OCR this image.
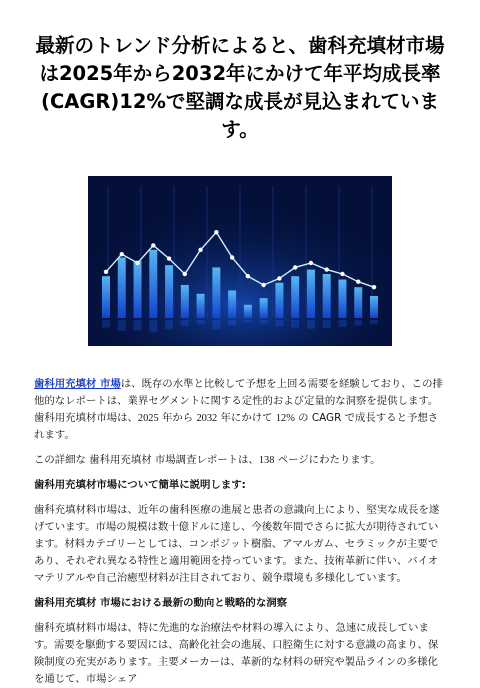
最新のトレンド分析によると、歯科充填材市場
は2025年から2032年にかけて年平均成長率
(CAGR)12%で堅調な成長が見込まれていま
す。

歯科用充填材 市場は、既存の水準と比較して予想を上回る需要を経験しており、この排他的なレポートは、業界セグメントに関する定性的および定量的な洞察を提供します。 歯科用充填材市場は、2025 年から 2032 年にかけて 12% の CAGR で成長すると予想されます。

この詳細な 歯科用充填材 市場調査レポートは、138 ページにわたります。

歯科用充填材市場について簡単に説明します:

歯科充填材料市場は、近年の歯科医療の進展と患者の意識向上により、堅実な成長を遂げています。市場の規模は数十億ドルに達し、今後数年間でさらに拡大が期待されています。材料カテゴリーとしては、コンポジット樹脂、アマルガム、セラミックが主要であり、それぞれ異なる特性と適用範囲を持っています。また、技術革新に伴い、バイオマテリアルや自己治癒型材料が注目されており、競争環境も多様化しています。

歯科用充填材 市場における最新の動向と戦略的な洞察

歯科充填材料市場は、特に先進的な治療法や材料の導入により、急速に成長しています。需要を駆動する要因には、高齢化社会の進展、口腔衛生に対する意識の高まり、保険制度の充実があります。主要メーカーは、革新的な材料の研究や製品ラインの多様化を通じて、市場シェア
